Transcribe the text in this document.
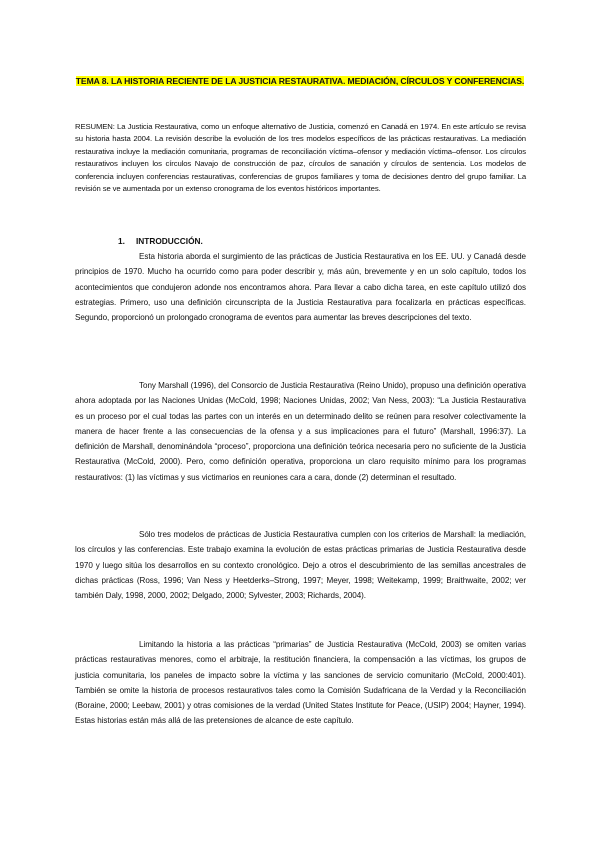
TEMA 8. LA HISTORIA RECIENTE DE LA JUSTICIA RESTAURATIVA. MEDIACIÓN, CÍRCULOS Y CONFERENCIAS.
RESUMEN: La Justicia Restaurativa, como un enfoque alternativo de Justicia, comenzó en Canadá en 1974. En este artículo se revisa su historia hasta 2004. La revisión describe la evolución de los tres modelos específicos de las prácticas restaurativas. La mediación restaurativa incluye la mediación comunitaria, programas de reconciliación víctima–ofensor y mediación víctima–ofensor. Los círculos restaurativos incluyen los círculos Navajo de construcción de paz, círculos de sanación y círculos de sentencia. Los modelos de conferencia incluyen conferencias restaurativas, conferencias de grupos familiares y toma de decisiones dentro del grupo familiar. La revisión se ve aumentada por un extenso cronograma de los eventos históricos importantes.
1. INTRODUCCIÓN.

Esta historia aborda el surgimiento de las prácticas de Justicia Restaurativa en los EE. UU. y Canadá desde principios de 1970. Mucho ha ocurrido como para poder describir y, más aún, brevemente y en un solo capítulo, todos los acontecimientos que condujeron adonde nos encontramos ahora. Para llevar a cabo dicha tarea, en este capítulo utilizó dos estrategias. Primero, uso una definición circunscripta de la Justicia Restaurativa para focalizarla en prácticas específicas. Segundo, proporcionó un prolongado cronograma de eventos para aumentar las breves descripciones del texto.

Tony Marshall (1996), del Consorcio de Justicia Restaurativa (Reino Unido), propuso una definición operativa ahora adoptada por las Naciones Unidas (McCold, 1998; Naciones Unidas, 2002; Van Ness, 2003): “La Justicia Restaurativa es un proceso por el cual todas las partes con un interés en un determinado delito se reúnen para resolver colectivamente la manera de hacer frente a las consecuencias de la ofensa y a sus implicaciones para el futuro” (Marshall, 1996:37). La definición de Marshall, denominándola “proceso”, proporciona una definición teórica necesaria pero no suficiente de la Justicia Restaurativa (McCold, 2000). Pero, como definición operativa, proporciona un claro requisito mínimo para los programas restaurativos: (1) las víctimas y sus victimarios en reuniones cara a cara, donde (2) determinan el resultado.

Sólo tres modelos de prácticas de Justicia Restaurativa cumplen con los criterios de Marshall: la mediación, los círculos y las conferencias. Este trabajo examina la evolución de estas prácticas primarias de Justicia Restaurativa desde 1970 y luego sitúa los desarrollos en su contexto cronológico. Dejo a otros el descubrimiento de las semillas ancestrales de dichas prácticas (Ross, 1996; Van Ness y Heetderks–Strong, 1997; Meyer, 1998; Weitekamp, 1999; Braithwaite, 2002; ver también Daly, 1998, 2000, 2002; Delgado, 2000; Sylvester, 2003; Richards, 2004).

Limitando la historia a las prácticas “primarias” de Justicia Restaurativa (McCold, 2003) se omiten varias prácticas restaurativas menores, como el arbitraje, la restitución financiera, la compensación a las víctimas, los grupos de justicia comunitaria, los paneles de impacto sobre la víctima y las sanciones de servicio comunitario (McCold, 2000:401). También se omite la historia de procesos restaurativos tales como la Comisión Sudafricana de la Verdad y la Reconciliación (Boraine, 2000; Leebaw, 2001) y otras comisiones de la verdad (United States Institute for Peace, (USIP) 2004; Hayner, 1994). Estas historias están más allá de las pretensiones de alcance de este capítulo.
